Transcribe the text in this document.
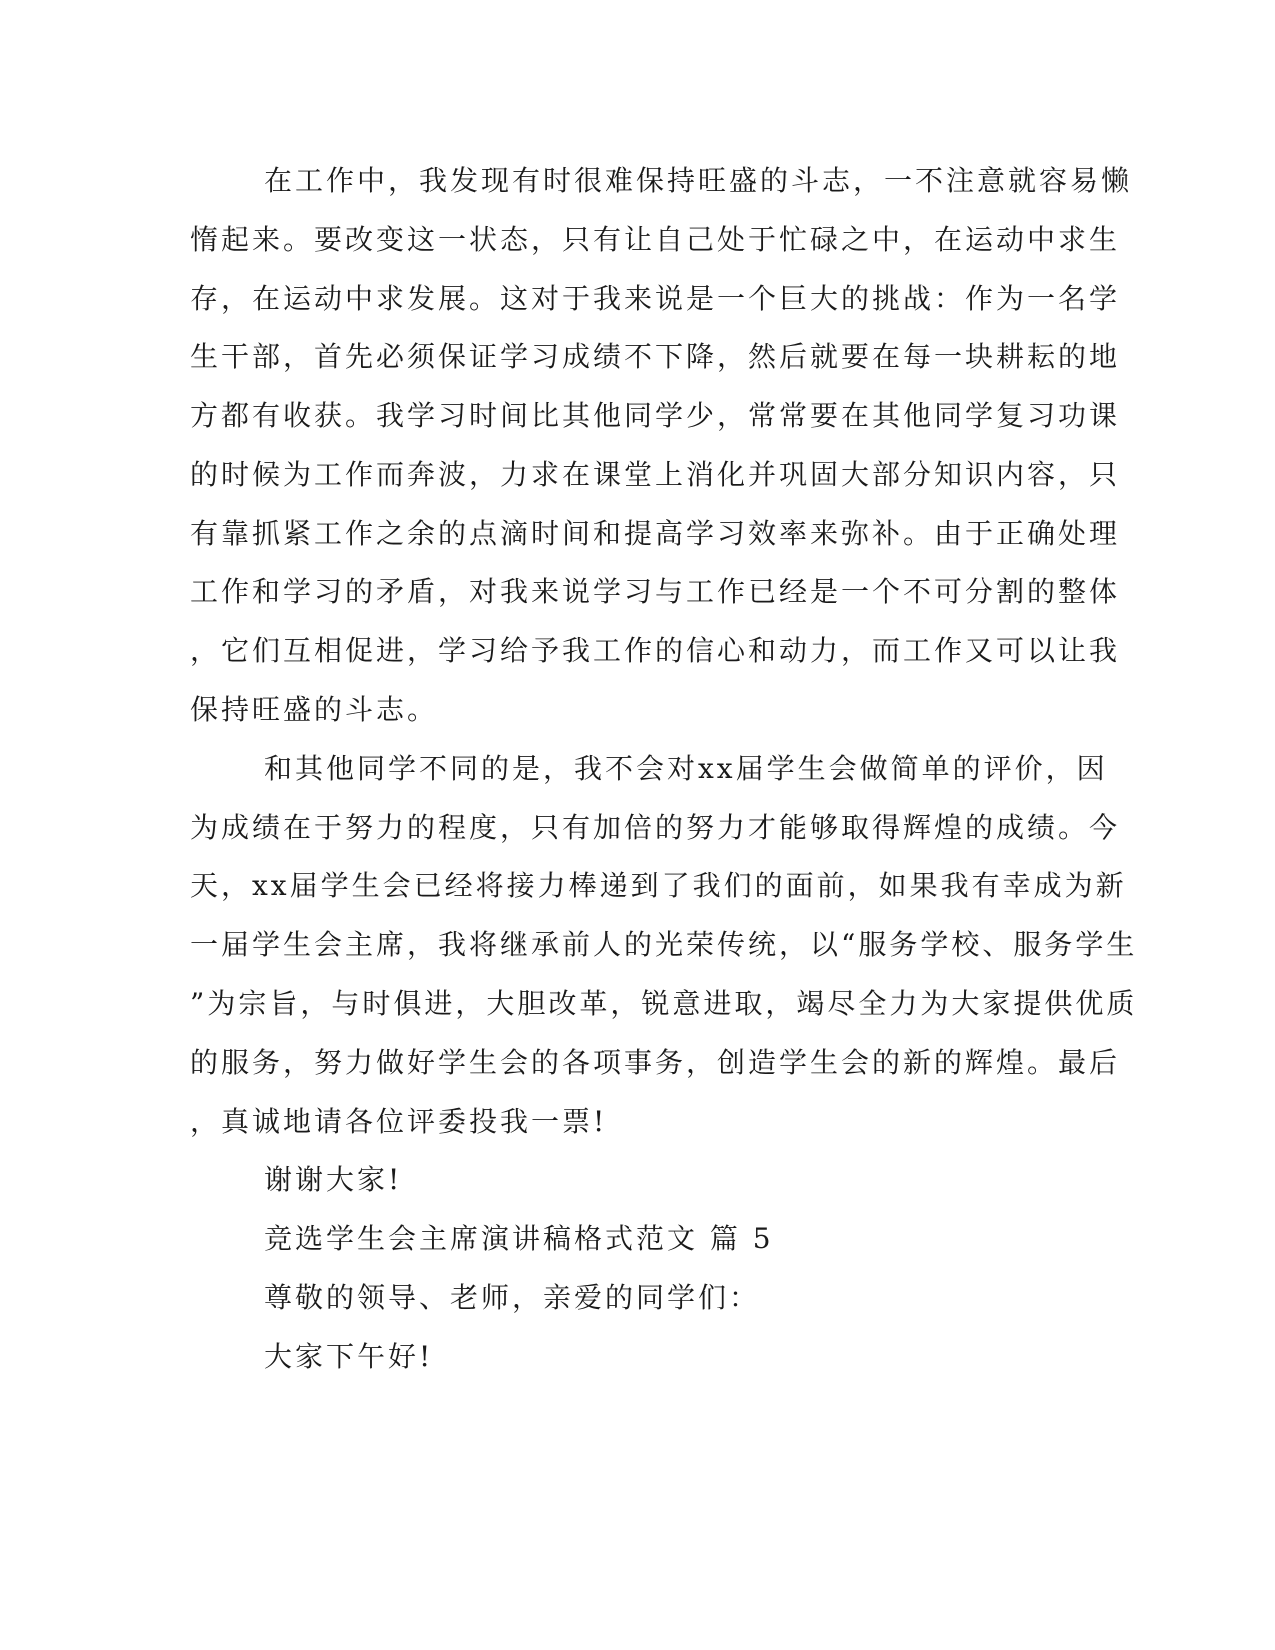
在工作中，我发现有时很难保持旺盛的斗志，一不注意就容易懒
惰起来。要改变这一状态，只有让自己处于忙碌之中，在运动中求生
存，在运动中求发展。这对于我来说是一个巨大的挑战：作为一名学
生干部，首先必须保证学习成绩不下降，然后就要在每一块耕耘的地
方都有收获。我学习时间比其他同学少，常常要在其他同学复习功课
的时候为工作而奔波，力求在课堂上消化并巩固大部分知识内容，只
有靠抓紧工作之余的点滴时间和提高学习效率来弥补。由于正确处理
工作和学习的矛盾，对我来说学习与工作已经是一个不可分割的整体
，它们互相促进，学习给予我工作的信心和动力，而工作又可以让我
保持旺盛的斗志。
和其他同学不同的是，我不会对xx届学生会做简单的评价，因
为成绩在于努力的程度，只有加倍的努力才能够取得辉煌的成绩。今
天，xx届学生会已经将接力棒递到了我们的面前，如果我有幸成为新
一届学生会主席，我将继承前人的光荣传统，以“服务学校、服务学生
”为宗旨，与时俱进，大胆改革，锐意进取，竭尽全力为大家提供优质
的服务，努力做好学生会的各项事务，创造学生会的新的辉煌。最后
，真诚地请各位评委投我一票!
谢谢大家!
竞选学生会主席演讲稿格式范文 篇 5
尊敬的领导、老师，亲爱的同学们：
大家下午好!
